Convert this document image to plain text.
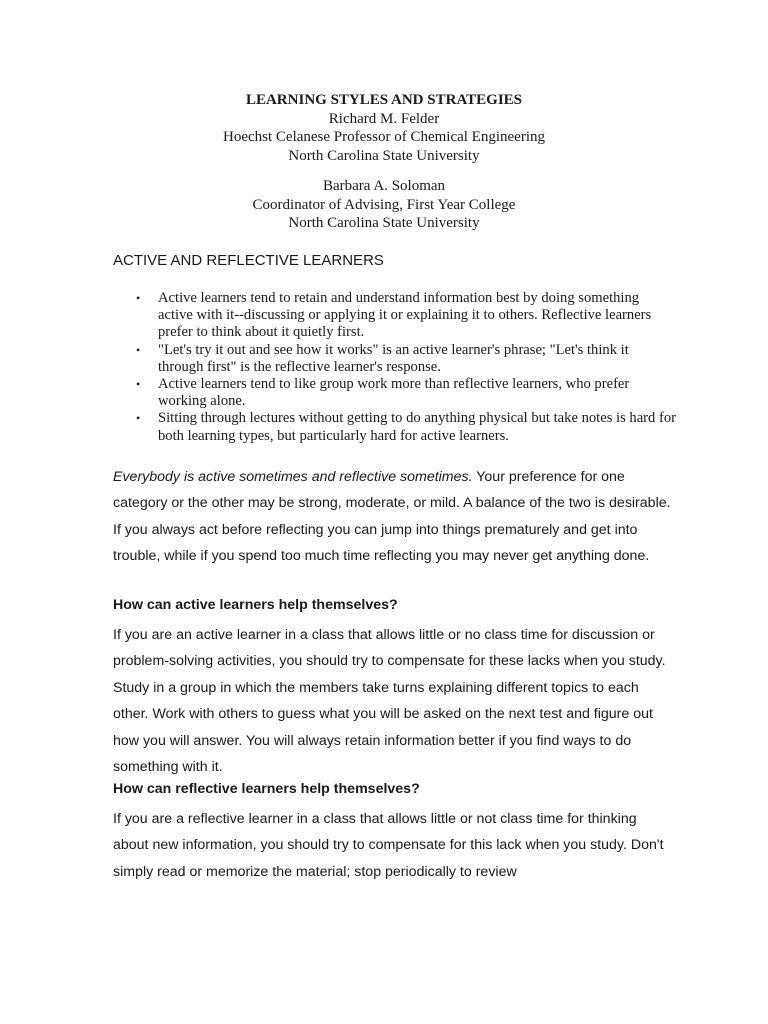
LEARNING STYLES AND STRATEGIES
Richard M. Felder
Hoechst Celanese Professor of Chemical Engineering
North Carolina State University
Barbara A. Soloman
Coordinator of Advising, First Year College
North Carolina State University
ACTIVE AND REFLECTIVE LEARNERS
• Active learners tend to retain and understand information best by doing something active with it--discussing or applying it or explaining it to others. Reflective learners prefer to think about it quietly first.
• "Let's try it out and see how it works" is an active learner's phrase; "Let's think it through first" is the reflective learner's response.
• Active learners tend to like group work more than reflective learners, who prefer working alone.
• Sitting through lectures without getting to do anything physical but take notes is hard for both learning types, but particularly hard for active learners.

Everybody is active sometimes and reflective sometimes. Your preference for one category or the other may be strong, moderate, or mild. A balance of the two is desirable. If you always act before reflecting you can jump into things prematurely and get into trouble, while if you spend too much time reflecting you may never get anything done.

How can active learners help themselves?

If you are an active learner in a class that allows little or no class time for discussion or problem-solving activities, you should try to compensate for these lacks when you study. Study in a group in which the members take turns explaining different topics to each other. Work with others to guess what you will be asked on the next test and figure out how you will answer. You will always retain information better if you find ways to do something with it.

How can reflective learners help themselves?

If you are a reflective learner in a class that allows little or not class time for thinking about new information, you should try to compensate for this lack when you study. Don't simply read or memorize the material; stop periodically to review
